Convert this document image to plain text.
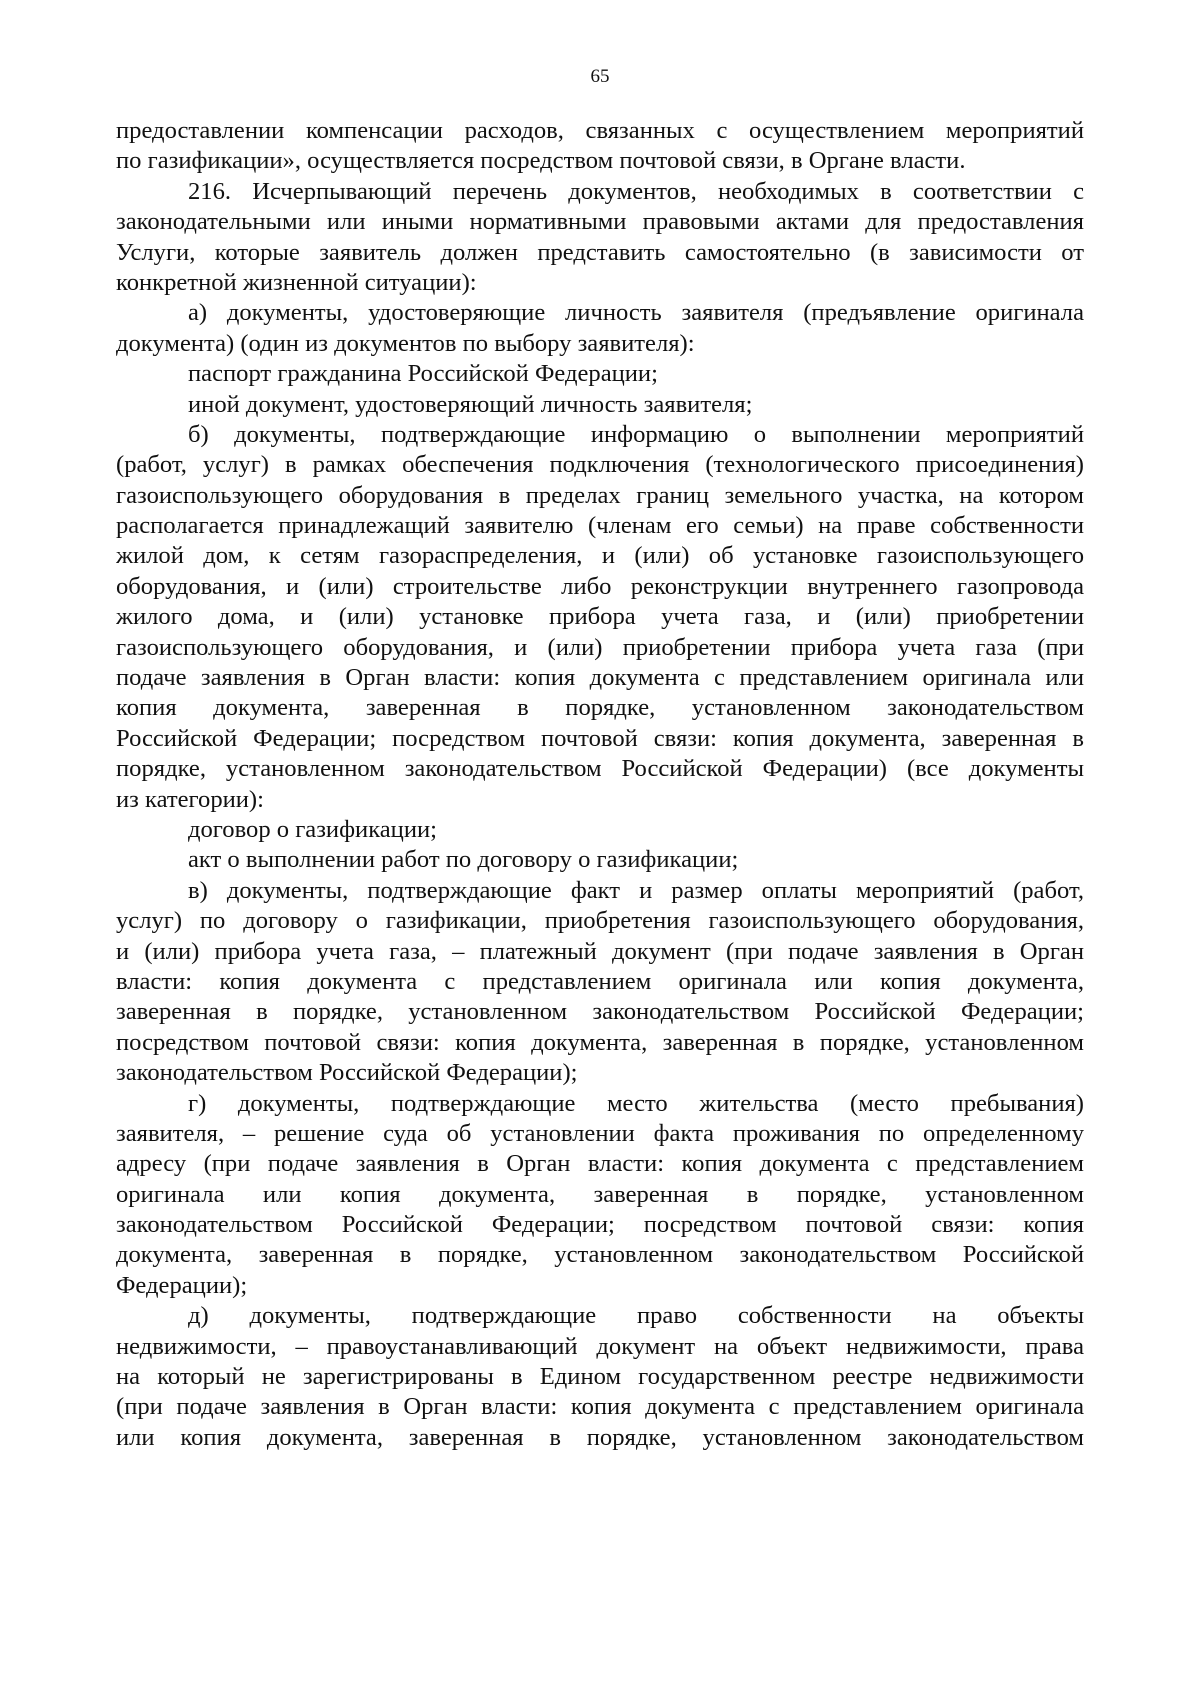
65
предоставлении компенсации расходов, связанных с осуществлением мероприятий
по газификации», осуществляется посредством почтовой связи, в Органе власти.
216. Исчерпывающий перечень документов, необходимых в соответствии с
законодательными или иными нормативными правовыми актами для предоставления
Услуги, которые заявитель должен представить самостоятельно (в зависимости от
конкретной жизненной ситуации):
а) документы, удостоверяющие личность заявителя (предъявление оригинала
документа) (один из документов по выбору заявителя):
паспорт гражданина Российской Федерации;
иной документ, удостоверяющий личность заявителя;
б) документы, подтверждающие информацию о выполнении мероприятий
(работ, услуг) в рамках обеспечения подключения (технологического присоединения)
газоиспользующего оборудования в пределах границ земельного участка, на котором
располагается принадлежащий заявителю (членам его семьи) на праве собственности
жилой дом, к сетям газораспределения, и (или) об установке газоиспользующего
оборудования, и (или) строительстве либо реконструкции внутреннего газопровода
жилого дома, и (или) установке прибора учета газа, и (или) приобретении
газоиспользующего оборудования, и (или) приобретении прибора учета газа (при
подаче заявления в Орган власти: копия документа с представлением оригинала или
копия документа, заверенная в порядке, установленном законодательством
Российской Федерации; посредством почтовой связи: копия документа, заверенная в
порядке, установленном законодательством Российской Федерации) (все документы
из категории):
договор о газификации;
акт о выполнении работ по договору о газификации;
в) документы, подтверждающие факт и размер оплаты мероприятий (работ,
услуг) по договору о газификации, приобретения газоиспользующего оборудования,
и (или) прибора учета газа, – платежный документ (при подаче заявления в Орган
власти: копия документа с представлением оригинала или копия документа,
заверенная в порядке, установленном законодательством Российской Федерации;
посредством почтовой связи: копия документа, заверенная в порядке, установленном
законодательством Российской Федерации);
г) документы, подтверждающие место жительства (место пребывания)
заявителя, – решение суда об установлении факта проживания по определенному
адресу (при подаче заявления в Орган власти: копия документа с представлением
оригинала или копия документа, заверенная в порядке, установленном
законодательством Российской Федерации; посредством почтовой связи: копия
документа, заверенная в порядке, установленном законодательством Российской
Федерации);
д) документы, подтверждающие право собственности на объекты
недвижимости, – правоустанавливающий документ на объект недвижимости, права
на который не зарегистрированы в Едином государственном реестре недвижимости
(при подаче заявления в Орган власти: копия документа с представлением оригинала
или копия документа, заверенная в порядке, установленном законодательством
